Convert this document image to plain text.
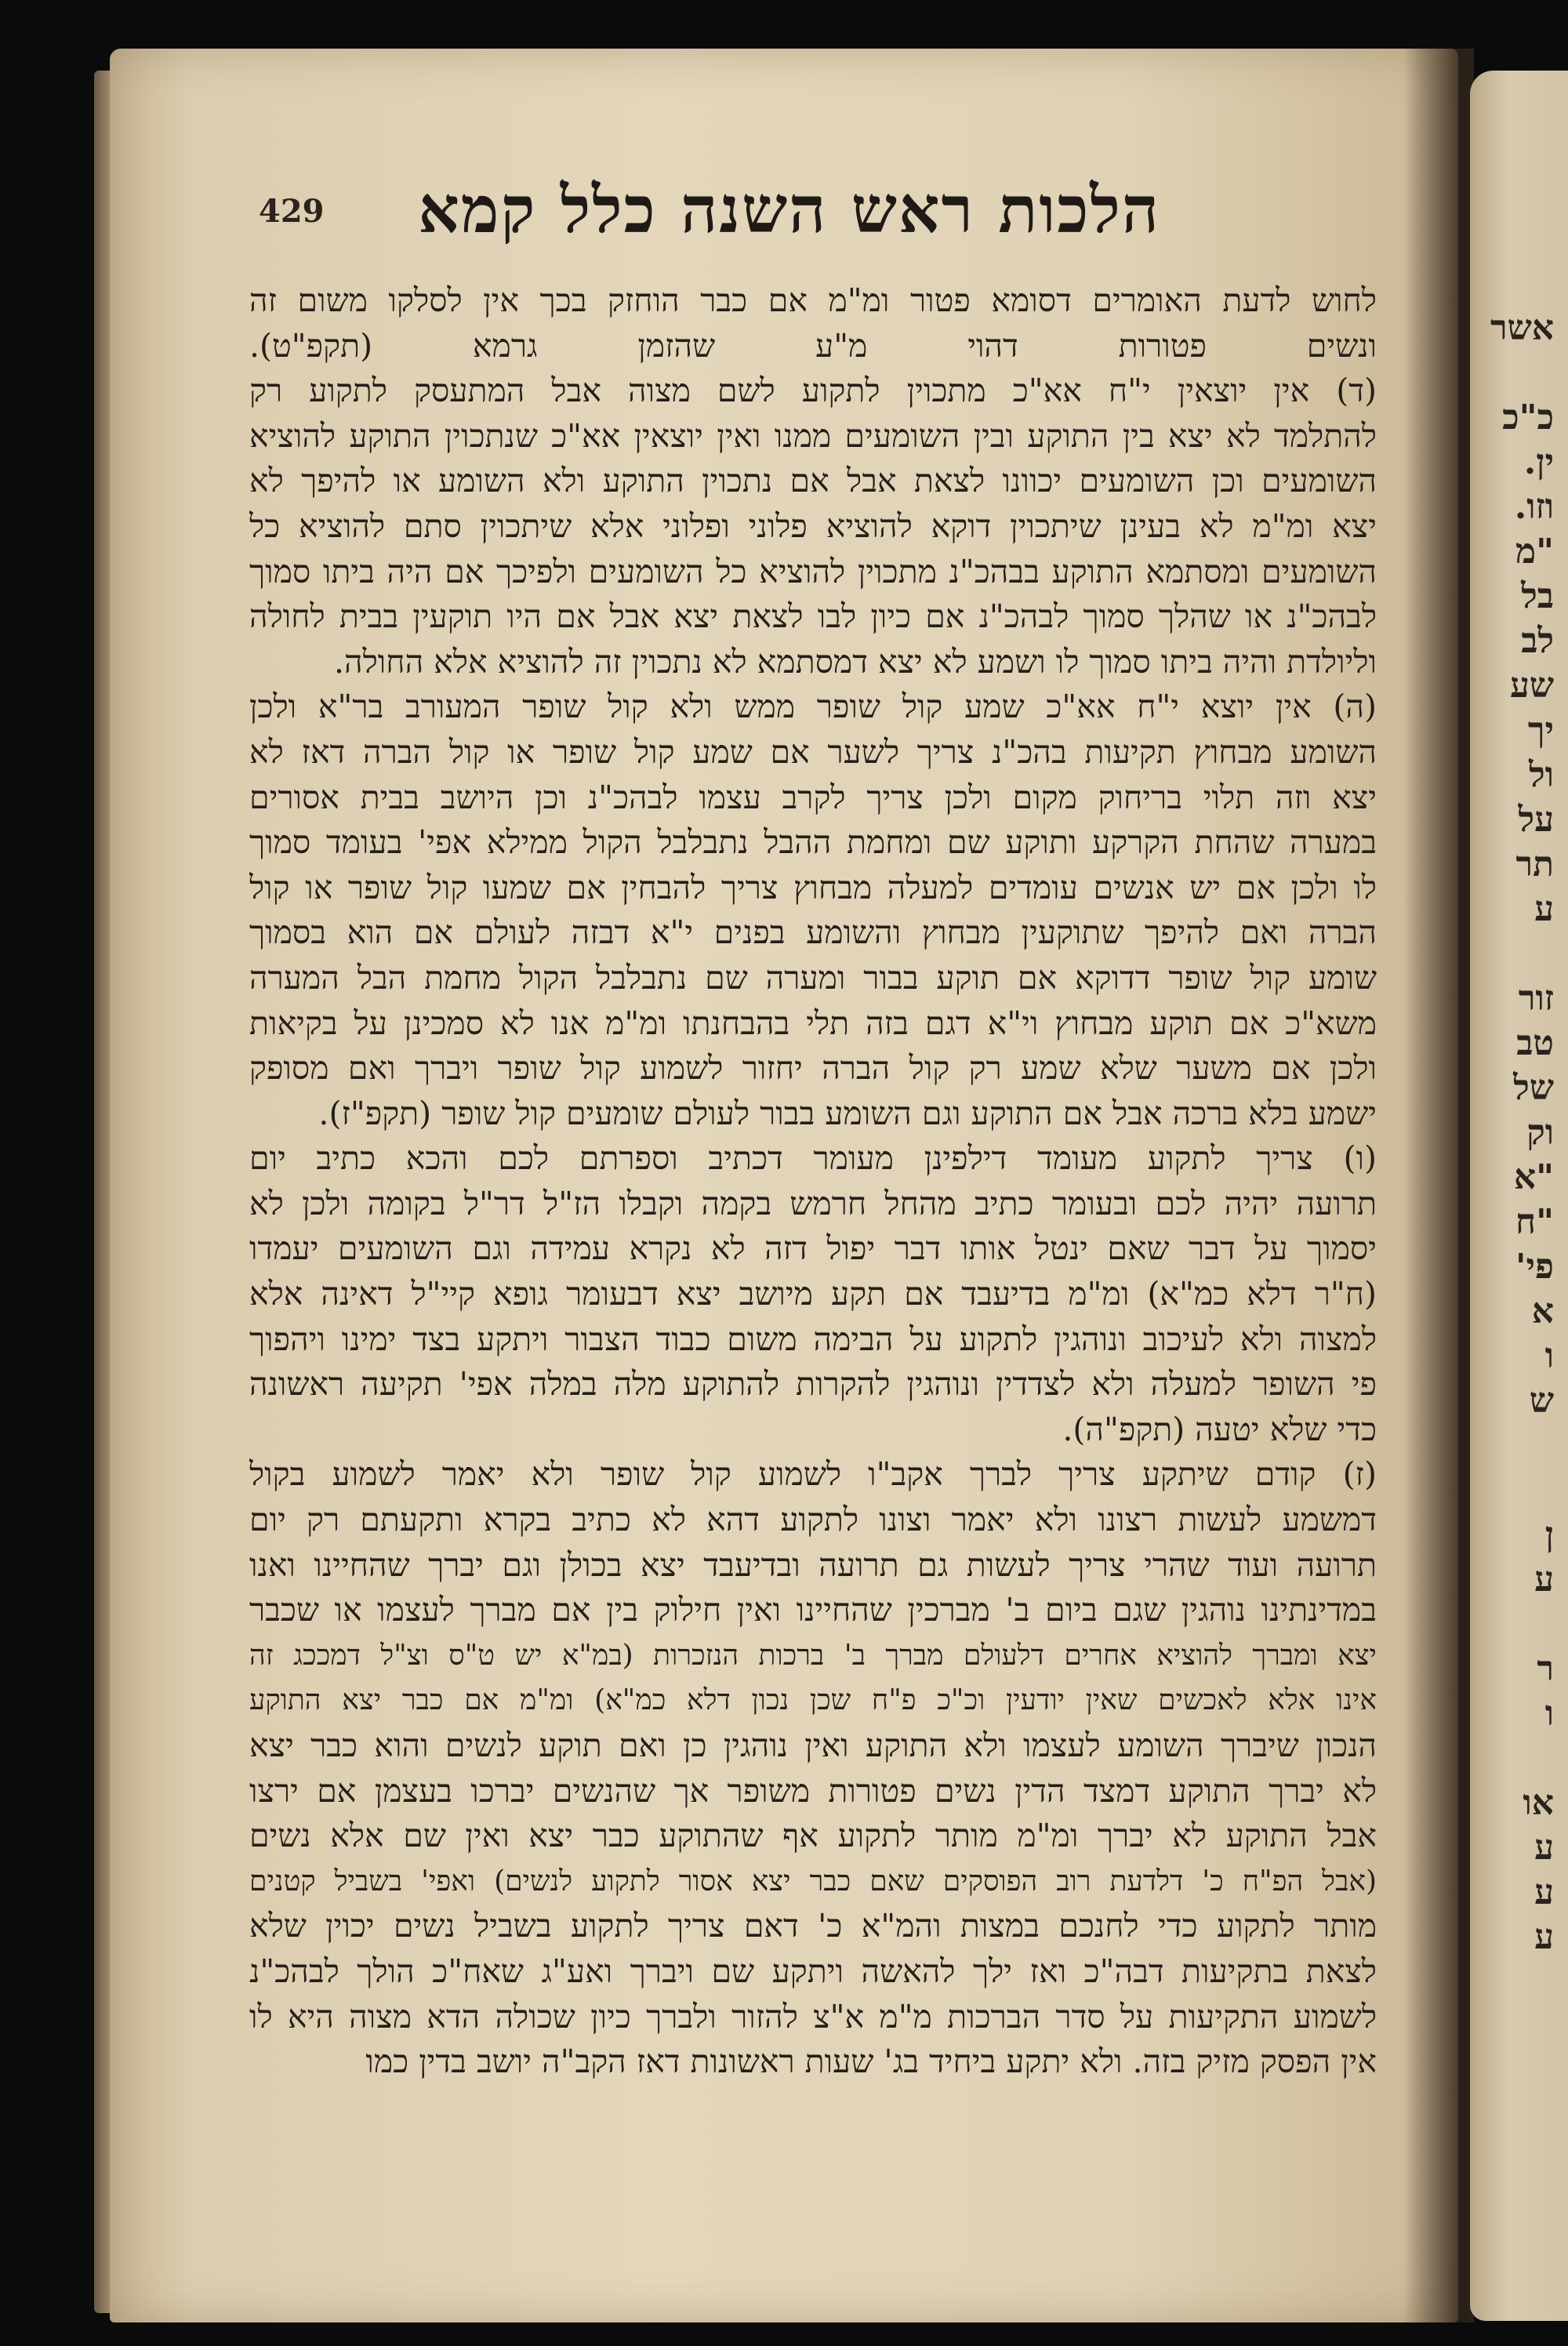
אשר
כ"כ
ין.
וזו.
"מ
בל
לב
שע
יך
ול
על
תר
ע
זור
טב
של
וק
"א
"ח
פי'
א
ו
ש
ן
ע
ר
ו
או
ע
ע
ע
429 הלכות ראש השנה כלל קמא
לחוש לדעת האומרים דסומא פטור ומ"מ אם כבר הוחזק בכך אין לסלקו משום זה
ונשים פטורות דהוי מ"ע שהזמן גרמא (תקפ"ט).
(ד) אין יוצאין י"ח אא"כ מתכוין לתקוע לשם מצוה אבל המתעסק לתקוע רק
להתלמד לא יצא בין התוקע ובין השומעים ממנו ואין יוצאין אא"כ שנתכוין התוקע להוציא
השומעים וכן השומעים יכוונו לצאת אבל אם נתכוין התוקע ולא השומע או להיפך לא
יצא ומ"מ לא בעינן שיתכוין דוקא להוציא פלוני ופלוני אלא שיתכוין סתם להוציא כל
השומעים ומסתמא התוקע בבהכ"נ מתכוין להוציא כל השומעים ולפיכך אם היה ביתו סמוך
לבהכ"נ או שהלך סמוך לבהכ"נ אם כיון לבו לצאת יצא אבל אם היו תוקעין בבית לחולה
וליולדת והיה ביתו סמוך לו ושמע לא יצא דמסתמא לא נתכוין זה להוציא אלא החולה.
(ה) אין יוצא י"ח אא"כ שמע קול שופר ממש ולא קול שופר המעורב בר"א ולכן
השומע מבחוץ תקיעות בהכ"נ צריך לשער אם שמע קול שופר או קול הברה דאז לא
יצא וזה תלוי בריחוק מקום ולכן צריך לקרב עצמו לבהכ"נ וכן היושב בבית אסורים
במערה שהחת הקרקע ותוקע שם ומחמת ההבל נתבלבל הקול ממילא אפי' בעומד סמוך
לו ולכן אם יש אנשים עומדים למעלה מבחוץ צריך להבחין אם שמעו קול שופר או קול
הברה ואם להיפך שתוקעין מבחוץ והשומע בפנים י"א דבזה לעולם אם הוא בסמוך
שומע קול שופר דדוקא אם תוקע בבור ומערה שם נתבלבל הקול מחמת הבל המערה
משא"כ אם תוקע מבחוץ וי"א דגם בזה תלי בהבחנתו ומ"מ אנו לא סמכינן על בקיאות
ולכן אם משער שלא שמע רק קול הברה יחזור לשמוע קול שופר ויברך ואם מסופק
ישמע בלא ברכה אבל אם התוקע וגם השומע בבור לעולם שומעים קול שופר (תקפ"ז).
(ו) צריך לתקוע מעומד דילפינן מעומר דכתיב וספרתם לכם והכא כתיב יום
תרועה יהיה לכם ובעומר כתיב מהחל חרמש בקמה וקבלו הז"ל דר"ל בקומה ולכן לא
יסמוך על דבר שאם ינטל אותו דבר יפול דזה לא נקרא עמידה וגם השומעים יעמדו
(ח"ר דלא כמ"א) ומ"מ בדיעבד אם תקע מיושב יצא דבעומר גופא קיי"ל דאינה אלא
למצוה ולא לעיכוב ונוהגין לתקוע על הבימה משום כבוד הצבור ויתקע בצד ימינו ויהפוך
פי השופר למעלה ולא לצדדין ונוהגין להקרות להתוקע מלה במלה אפי' תקיעה ראשונה
כדי שלא יטעה (תקפ"ה).
(ז) קודם שיתקע צריך לברך אקב"ו לשמוע קול שופר ולא יאמר לשמוע בקול
דמשמע לעשות רצונו ולא יאמר וצונו לתקוע דהא לא כתיב בקרא ותקעתם רק יום
תרועה ועוד שהרי צריך לעשות גם תרועה ובדיעבד יצא בכולן וגם יברך שהחיינו ואנו
במדינתינו נוהגין שגם ביום ב' מברכין שהחיינו ואין חילוק בין אם מברך לעצמו או שכבר
יצא ומברך להוציא אחרים דלעולם מברך ב' ברכות הנזכרות (במ"א יש ט"ס וצ"ל דמככג זה
אינו אלא לאכשים שאין יודעין וכ"כ פ"ח שכן נכון דלא כמ"א) ומ"מ אם כבר יצא התוקע
הנכון שיברך השומע לעצמו ולא התוקע ואין נוהגין כן ואם תוקע לנשים והוא כבר יצא
לא יברך התוקע דמצד הדין נשים פטורות משופר אך שהנשים יברכו בעצמן אם ירצו
אבל התוקע לא יברך ומ"מ מותר לתקוע אף שהתוקע כבר יצא ואין שם אלא נשים
(אבל הפ"ח כ' דלדעת רוב הפוסקים שאם כבר יצא אסור לתקוע לנשים) ואפי' בשביל קטנים
מותר לתקוע כדי לחנכם במצות והמ"א כ' דאם צריך לתקוע בשביל נשים יכוין שלא
לצאת בתקיעות דבה"כ ואז ילך להאשה ויתקע שם ויברך ואע"ג שאח"כ הולך לבהכ"נ
לשמוע התקיעות על סדר הברכות מ"מ א"צ להזור ולברך כיון שכולה הדא מצוה היא לו
אין הפסק מזיק בזה. ולא יתקע ביחיד בג' שעות ראשונות דאז הקב"ה יושב בדין כמו
